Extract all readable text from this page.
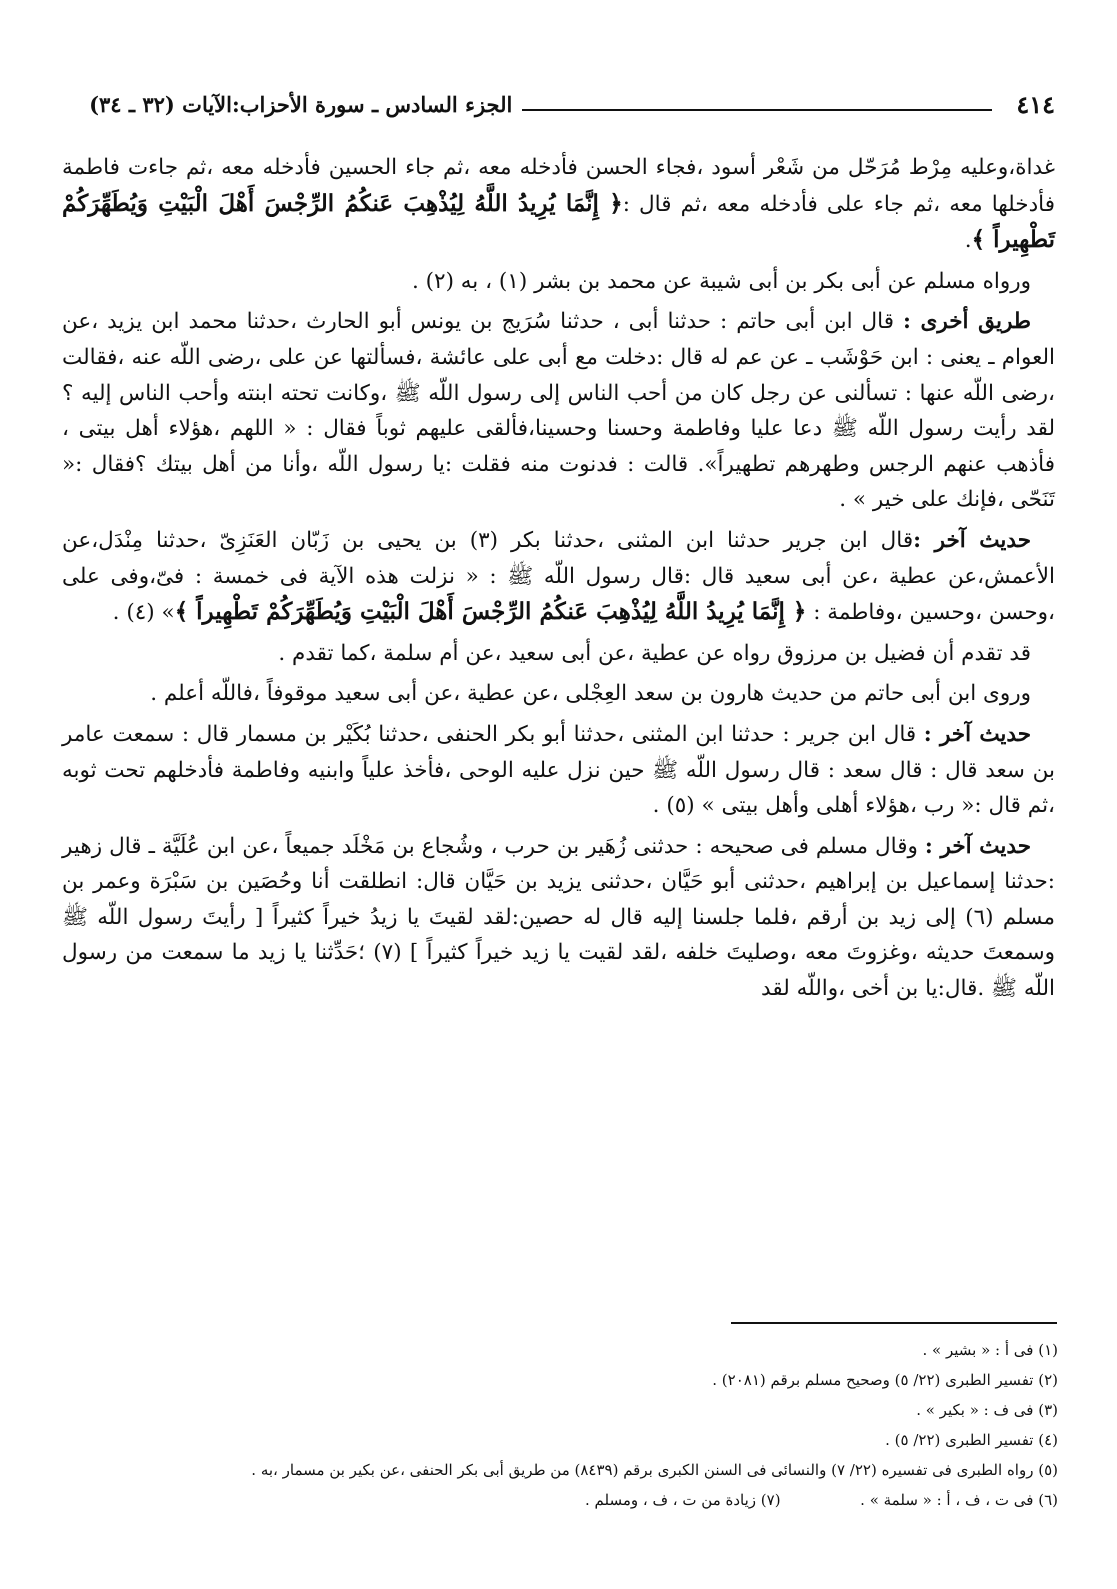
٤١٤
الجزء السادس ـ سورة الأحزاب:الآيات (٣٢ ـ ٣٤)

غداة،وعليه مِرْط مُرَحّل من شَعْر أسود ،فجاء الحسن فأدخله معه ،ثم جاء الحسين فأدخله معه ،ثم جاءت فاطمة فأدخلها معه ،ثم جاء على فأدخله معه ،ثم قال :﴿ إِنَّمَا يُرِيدُ اللَّهُ لِيُذْهِبَ عَنكُمُ الرِّجْسَ أَهْلَ الْبَيْتِ وَيُطَهِّرَكُمْ تَطْهِيراً ﴾.

ورواه مسلم عن أبى بكر بن أبى شيبة عن محمد بن بشر (١) ، به (٢) .

طريق أخرى : قال ابن أبى حاتم : حدثنا أبى ، حدثنا سُرَيج بن يونس أبو الحارث ،حدثنا محمد ابن يزيد ،عن العوام ـ يعنى : ابن حَوْشَب ـ عن عم له قال :دخلت مع أبى على عائشة ،فسألتها عن على ،رضى اللّه عنه ،فقالت ،رضى اللّه عنها : تسألنى عن رجل كان من أحب الناس إلى رسول اللّه ﷺ ،وكانت تحته ابنته وأحب الناس إليه ؟ لقد رأيت رسول اللّه ﷺ دعا عليا وفاطمة وحسنا وحسينا،فألقى عليهم ثوباً فقال : « اللهم ،هؤلاء أهل بيتى ، فأذهب عنهم الرجس وطهرهم تطهيراً». قالت : فدنوت منه فقلت :يا رسول اللّه ،وأنا من أهل بيتك ؟فقال :« تَنَحّى ،فإنك على خير » .

حديث آخر :قال ابن جرير حدثنا ابن المثنى ،حدثنا بكر (٣) بن يحيى بن زَبّان العَنَزِىّ ،حدثنا مِنْدَل،عن الأعمش،عن عطية ،عن أبى سعيد قال :قال رسول اللّه ﷺ : « نزلت هذه الآية فى خمسة : فىّ،وفى على ،وحسن ،وحسين ،وفاطمة : ﴿ إِنَّمَا يُرِيدُ اللَّهُ لِيُذْهِبَ عَنكُمُ الرِّجْسَ أَهْلَ الْبَيْتِ وَيُطَهِّرَكُمْ تَطْهِيراً ﴾» (٤) .

قد تقدم أن فضيل بن مرزوق رواه عن عطية ،عن أبى سعيد ،عن أم سلمة ،كما تقدم .

وروى ابن أبى حاتم من حديث هارون بن سعد العِجْلى ،عن عطية ،عن أبى سعيد موقوفاً ،فاللّه أعلم .

حديث آخر : قال ابن جرير : حدثنا ابن المثنى ،حدثنا أبو بكر الحنفى ،حدثنا بُكَيْر بن مسمار قال : سمعت عامر بن سعد قال : قال سعد : قال رسول اللّه ﷺ حين نزل عليه الوحى ،فأخذ علياً وابنيه وفاطمة فأدخلهم تحت ثوبه ،ثم قال :« رب ،هؤلاء أهلى وأهل بيتى » (٥) .

حديث آخر : وقال مسلم فى صحيحه : حدثنى زُهَير بن حرب ، وشُجاع بن مَخْلَد جميعاً ،عن ابن عُلَيَّة ـ قال زهير :حدثنا إسماعيل بن إبراهيم ،حدثنى أبو حَيَّان ،حدثنى يزيد بن حَيَّان قال: انطلقت أنا وحُصَين بن سَبْرَة وعمر بن مسلم (٦) إلى زيد بن أرقم ،فلما جلسنا إليه قال له حصين:لقد لقيتَ يا زيدُ خيراً كثيراً [ رأيتَ رسول اللّه ﷺ وسمعتَ حديثه ،وغزوتَ معه ،وصليتَ خلفه ،لقد لقيت يا زيد خيراً كثيراً ] (٧) ؛حَدِّثنا يا زيد ما سمعت من رسول اللّه ﷺ .قال:يا بن أخى ،واللّه لقد

(١) فى أ : « بشير » .
(٢) تفسير الطبرى (٢٢/ ٥) وصحيح مسلم برقم (٢٠٨١) .
(٣) فى ف : « بكير » .
(٤) تفسير الطبرى (٢٢/ ٥) .
(٥) رواه الطبرى فى تفسيره (٢٢/ ٧) والنسائى فى السنن الكبرى برقم (٨٤٣٩) من طريق أبى بكر الحنفى ،عن بكير بن مسمار ،به .
(٦) فى ت ، ف ، أ : « سلمة » .  (٧) زيادة من ت ، ف ، ومسلم .
